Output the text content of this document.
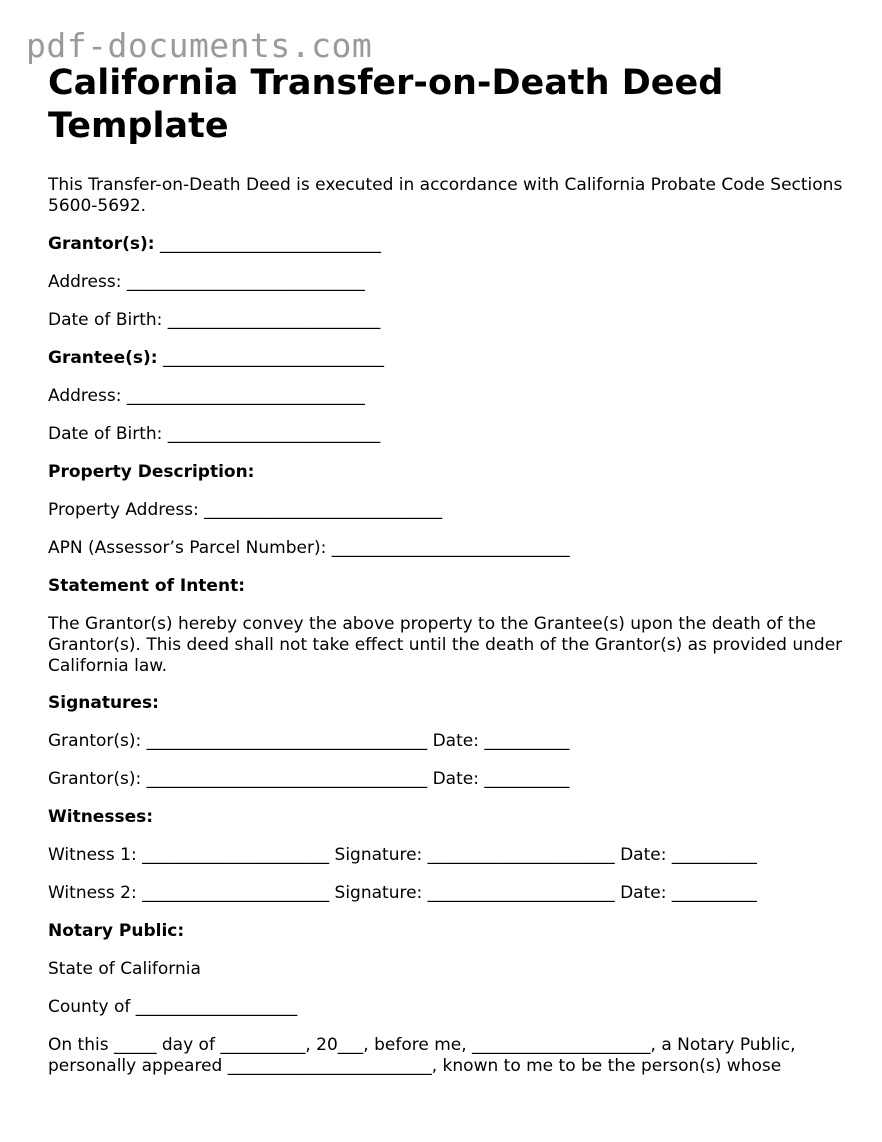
pdf-documents.com
California Transfer-on-Death Deed Template

This Transfer-on-Death Deed is executed in accordance with California Probate Code Sections 5600-5692.

Grantor(s): __________________________

Address: ____________________________

Date of Birth: _________________________

Grantee(s): __________________________

Address: ____________________________

Date of Birth: _________________________

Property Description:

Property Address: ____________________________

APN (Assessor’s Parcel Number): ____________________________

Statement of Intent:

The Grantor(s) hereby convey the above property to the Grantee(s) upon the death of the Grantor(s). This deed shall not take effect until the death of the Grantor(s) as provided under California law.

Signatures:

Grantor(s): _________________________________ Date: __________

Grantor(s): _________________________________ Date: __________

Witnesses:

Witness 1: ______________________ Signature: ______________________ Date: __________

Witness 2: ______________________ Signature: ______________________ Date: __________

Notary Public:

State of California

County of ___________________

On this _____ day of __________, 20___, before me, _____________________, a Notary Public, personally appeared ________________________, known to me to be the person(s) whose
